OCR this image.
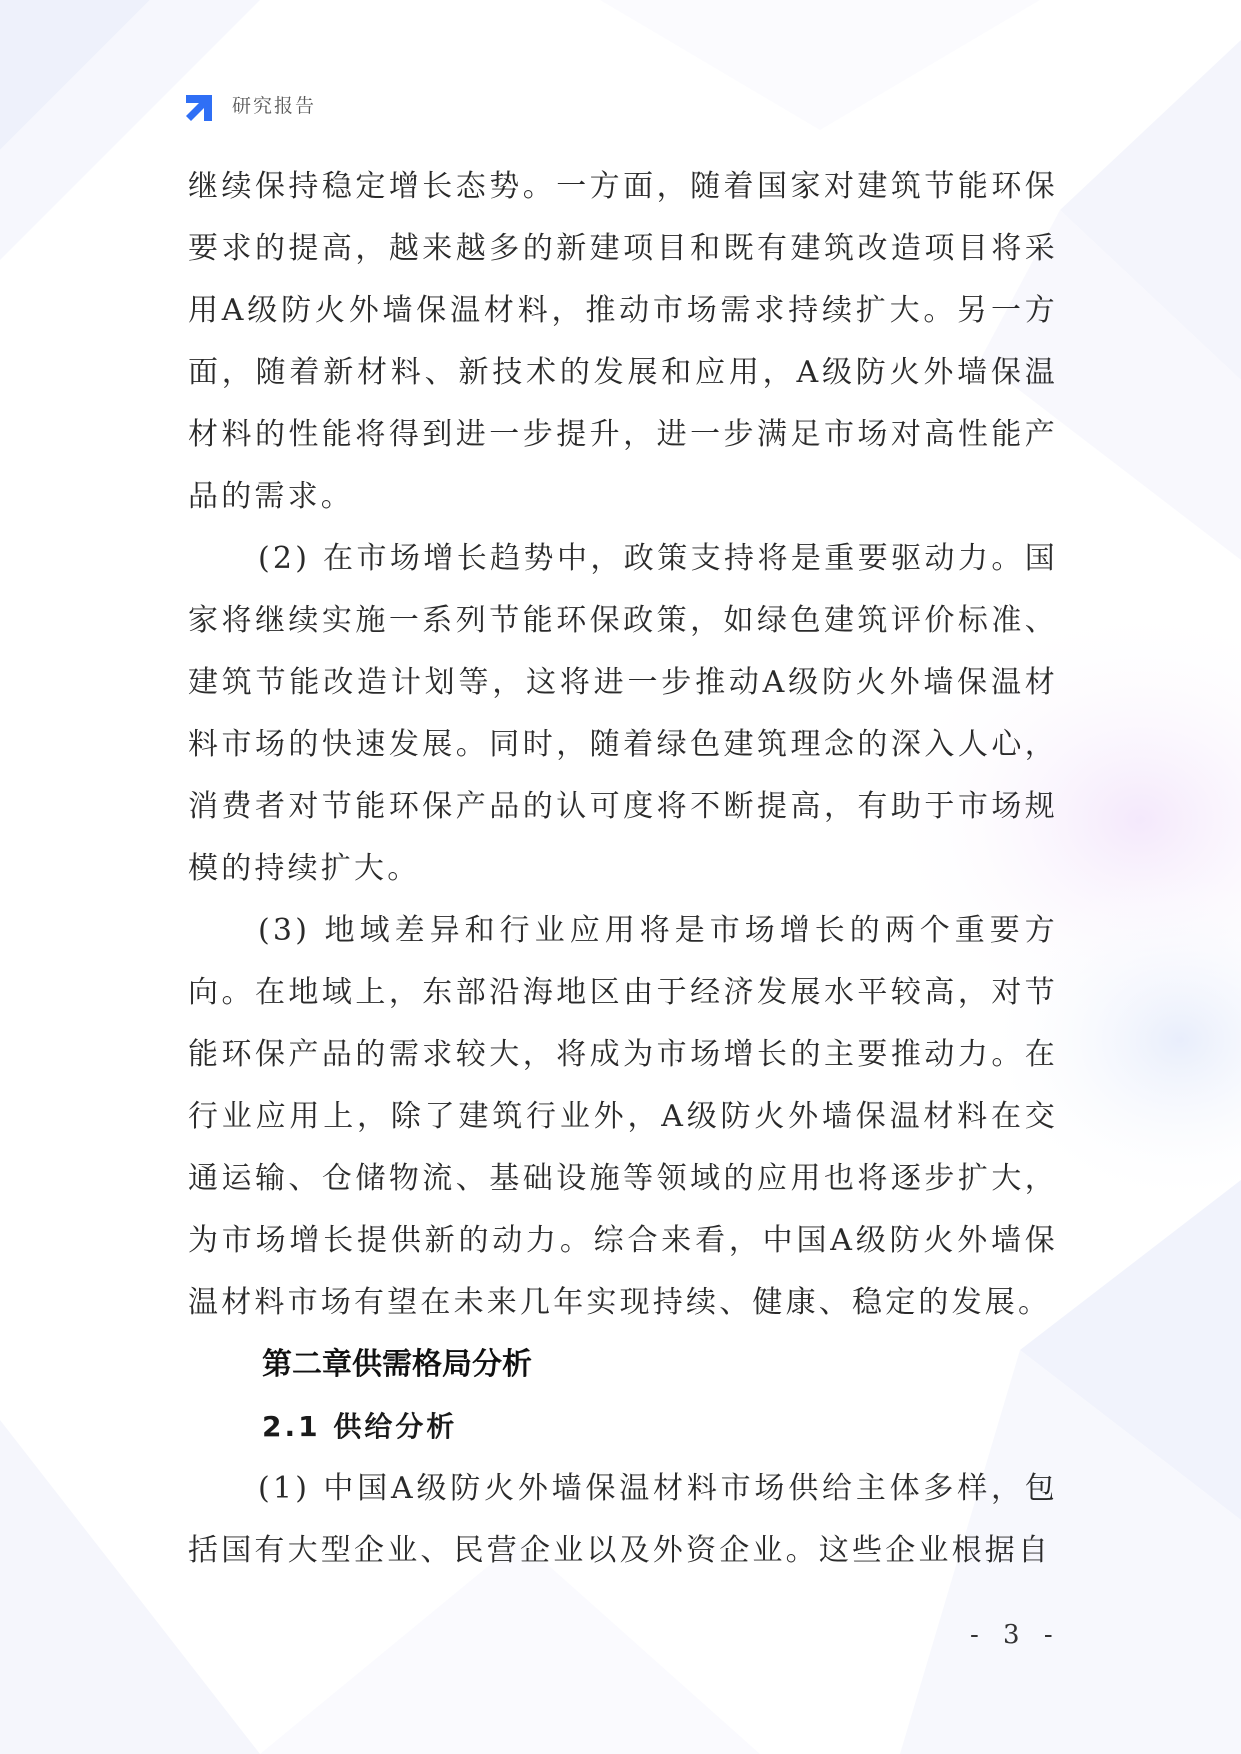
研究报告

继续保持稳定增长态势。一方面，随着国家对建筑节能环保要求的提高，越来越多的新建项目和既有建筑改造项目将采用A级防火外墙保温材料，推动市场需求持续扩大。另一方面，随着新材料、新技术的发展和应用，A级防火外墙保温材料的性能将得到进一步提升，进一步满足市场对高性能产品的需求。

(2) 在市场增长趋势中，政策支持将是重要驱动力。国家将继续实施一系列节能环保政策，如绿色建筑评价标准、建筑节能改造计划等，这将进一步推动A级防火外墙保温材料市场的快速发展。同时，随着绿色建筑理念的深入人心，消费者对节能环保产品的认可度将不断提高，有助于市场规模的持续扩大。

(3) 地域差异和行业应用将是市场增长的两个重要方向。在地域上，东部沿海地区由于经济发展水平较高，对节能环保产品的需求较大，将成为市场增长的主要推动力。在行业应用上，除了建筑行业外，A级防火外墙保温材料在交通运输、仓储物流、基础设施等领域的应用也将逐步扩大，为市场增长提供新的动力。综合来看，中国A级防火外墙保温材料市场有望在未来几年实现持续、健康、稳定的发展。

第二章供需格局分析
2.1 供给分析

(1) 中国A级防火外墙保温材料市场供给主体多样，包括国有大型企业、民营企业以及外资企业。这些企业根据自

- 3 -
